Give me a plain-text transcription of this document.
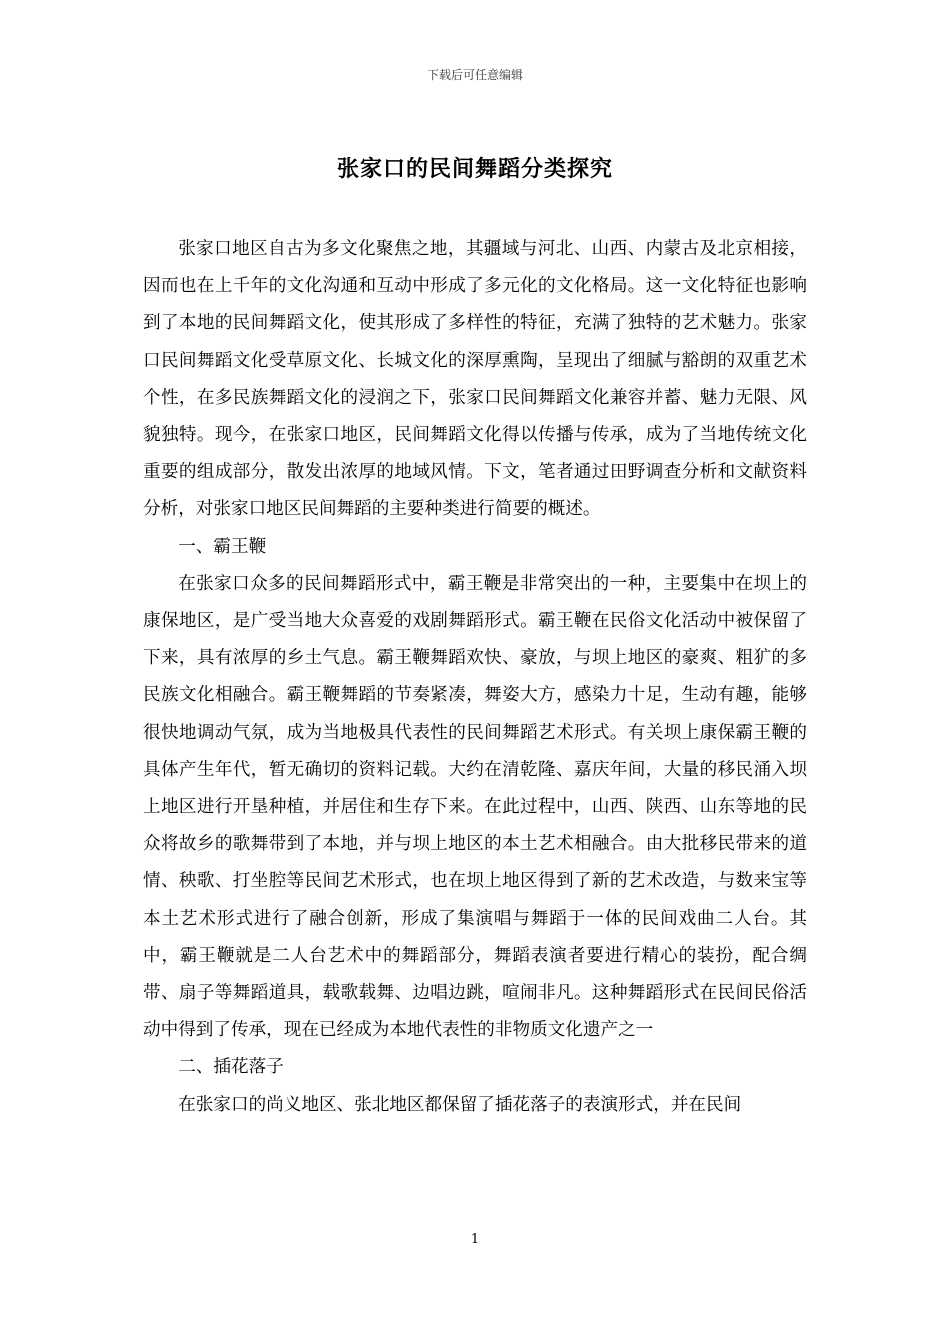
下载后可任意编辑
张家口的民间舞蹈分类探究

张家口地区自古为多文化聚焦之地，其疆域与河北、山西、内蒙古及北京相接，因而也在上千年的文化沟通和互动中形成了多元化的文化格局。这一文化特征也影响到了本地的民间舞蹈文化，使其形成了多样性的特征，充满了独特的艺术魅力。张家口民间舞蹈文化受草原文化、长城文化的深厚熏陶，呈现出了细腻与豁朗的双重艺术个性，在多民族舞蹈文化的浸润之下，张家口民间舞蹈文化兼容并蓄、魅力无限、风貌独特。现今，在张家口地区，民间舞蹈文化得以传播与传承，成为了当地传统文化重要的组成部分，散发出浓厚的地域风情。下文，笔者通过田野调查分析和文献资料分析，对张家口地区民间舞蹈的主要种类进行简要的概述。

一、霸王鞭

在张家口众多的民间舞蹈形式中，霸王鞭是非常突出的一种，主要集中在坝上的康保地区，是广受当地大众喜爱的戏剧舞蹈形式。霸王鞭在民俗文化活动中被保留了下来，具有浓厚的乡土气息。霸王鞭舞蹈欢快、豪放，与坝上地区的豪爽、粗犷的多民族文化相融合。霸王鞭舞蹈的节奏紧凑，舞姿大方，感染力十足，生动有趣，能够很快地调动气氛，成为当地极具代表性的民间舞蹈艺术形式。有关坝上康保霸王鞭的具体产生年代，暂无确切的资料记载。大约在清乾隆、嘉庆年间，大量的移民涌入坝上地区进行开垦种植，并居住和生存下来。在此过程中，山西、陕西、山东等地的民众将故乡的歌舞带到了本地，并与坝上地区的本土艺术相融合。由大批移民带来的道情、秧歌、打坐腔等民间艺术形式，也在坝上地区得到了新的艺术改造，与数来宝等本土艺术形式进行了融合创新，形成了集演唱与舞蹈于一体的民间戏曲二人台。其中，霸王鞭就是二人台艺术中的舞蹈部分，舞蹈表演者要进行精心的装扮，配合绸带、扇子等舞蹈道具，载歌载舞、边唱边跳，喧闹非凡。这种舞蹈形式在民间民俗活动中得到了传承，现在已经成为本地代表性的非物质文化遗产之一

二、插花落子

在张家口的尚义地区、张北地区都保留了插花落子的表演形式，并在民间

1
